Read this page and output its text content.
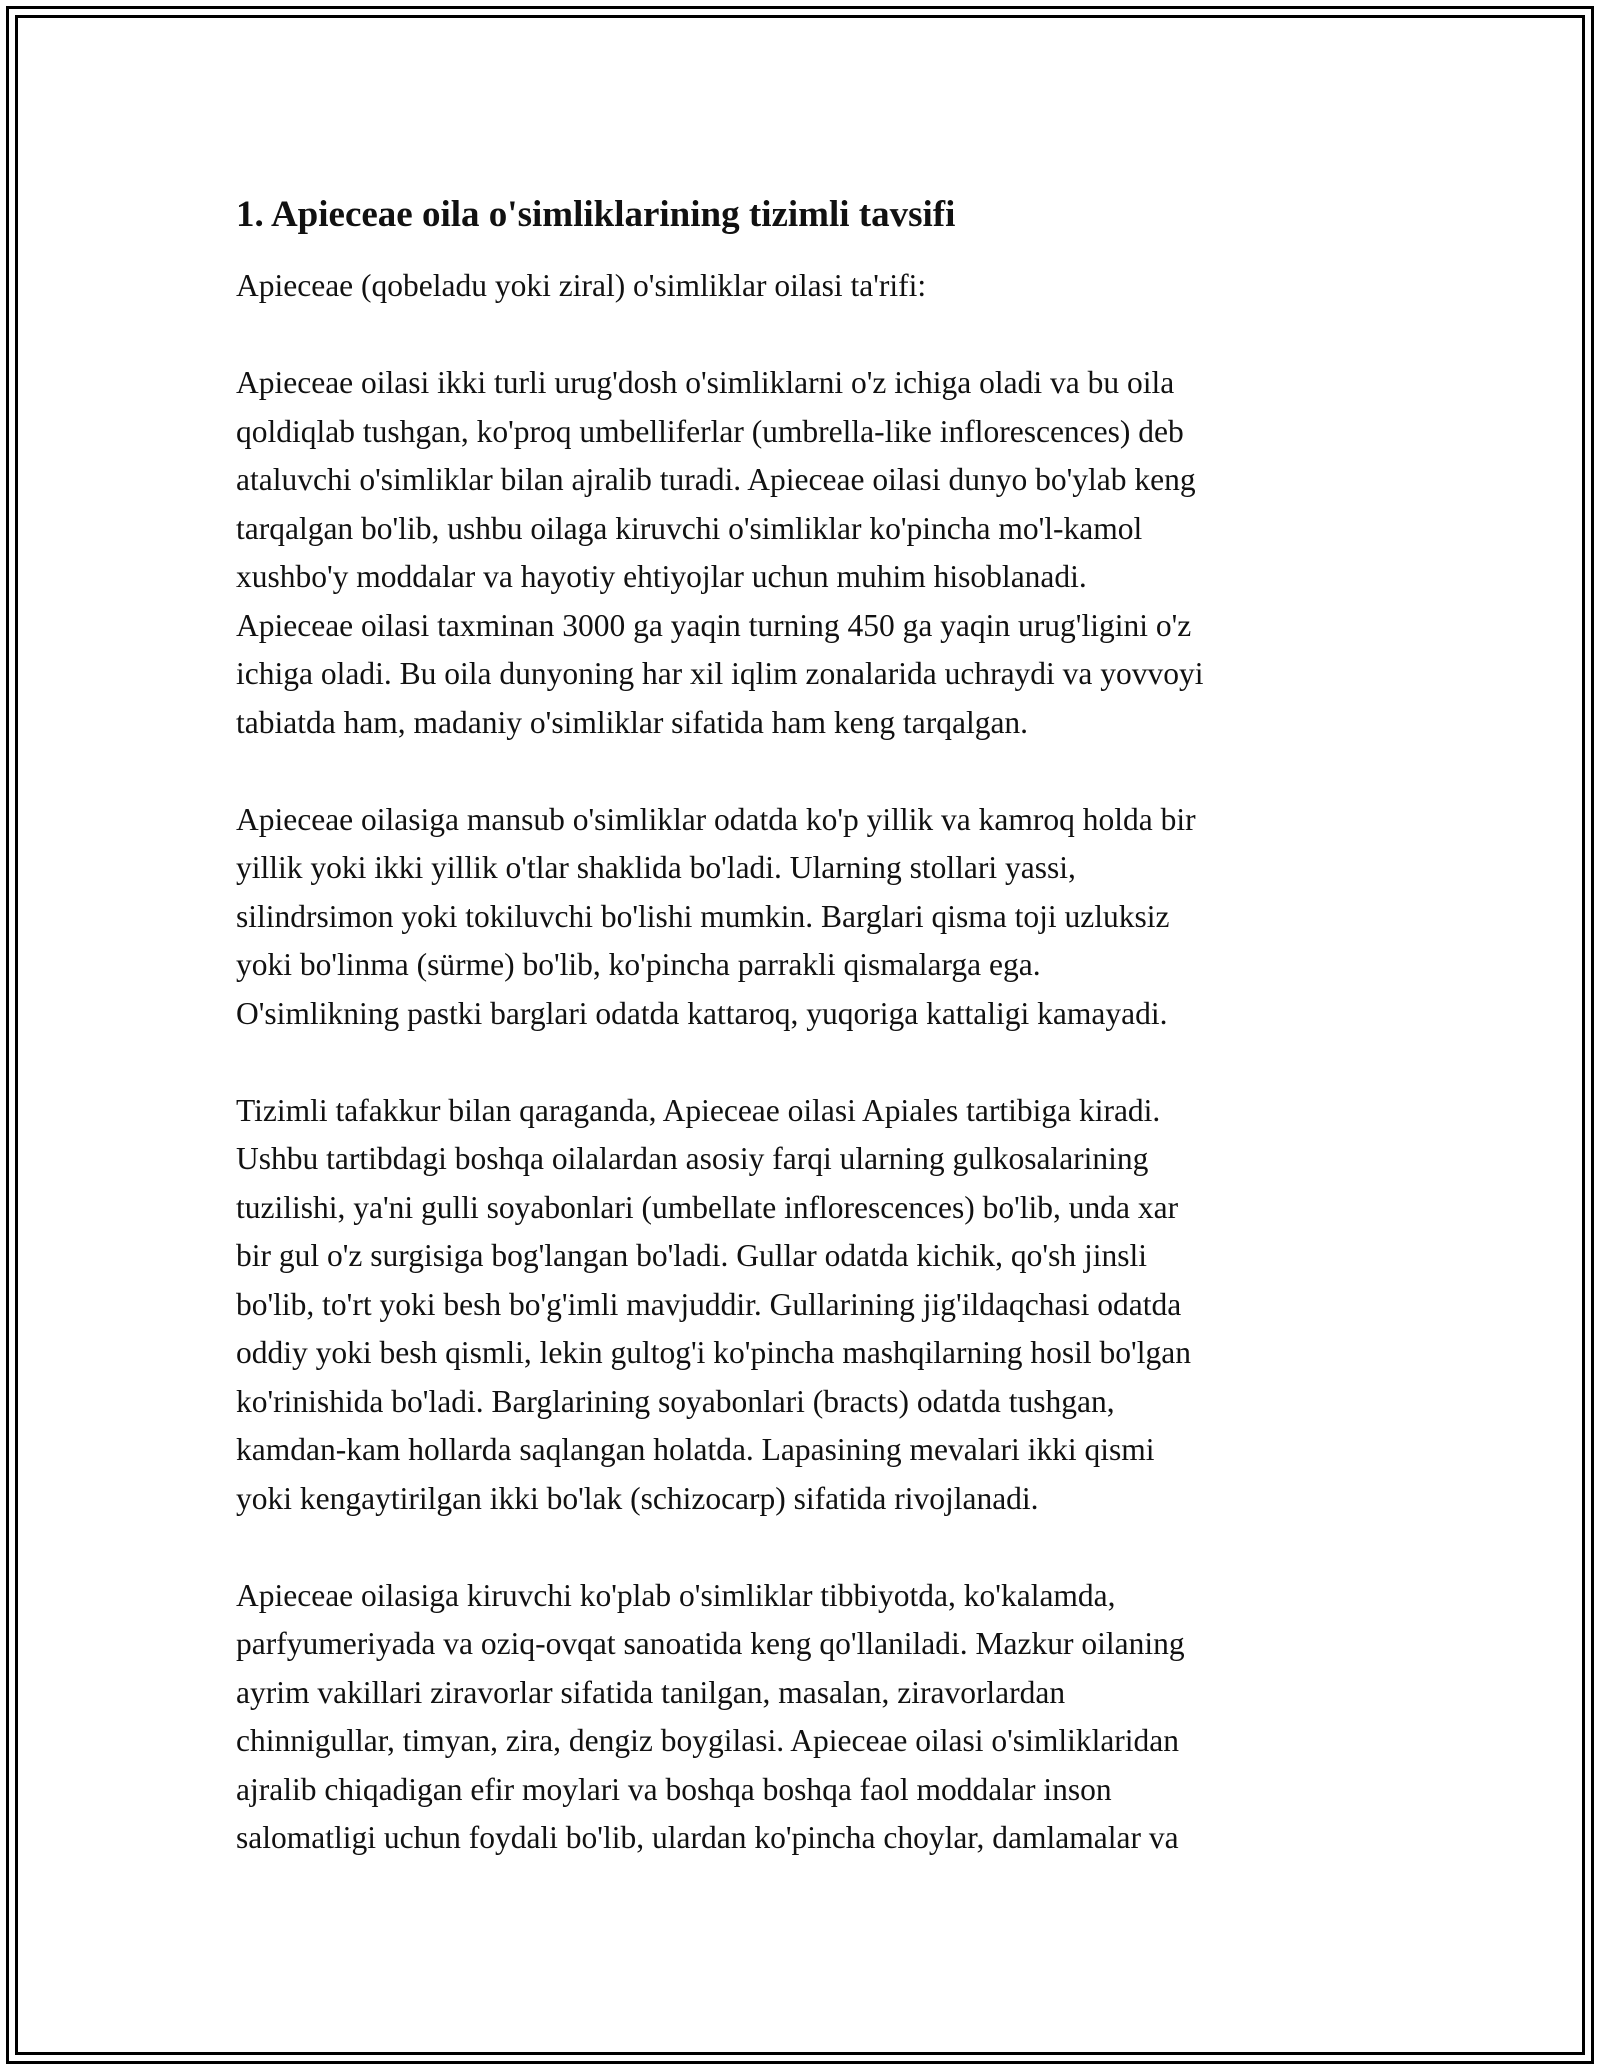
1. Apieceae oila o'simliklarining tizimli tavsifi
Apieceae (qobeladu yoki ziral) o'simliklar oilasi ta'rifi:
Apieceae oilasi ikki turli urug'dosh o'simliklarni o'z ichiga oladi va bu oila
qoldiqlab tushgan, ko'proq umbelliferlar (umbrella-like inflorescences) deb
ataluvchi o'simliklar bilan ajralib turadi. Apieceae oilasi dunyo bo'ylab keng
tarqalgan bo'lib, ushbu oilaga kiruvchi o'simliklar ko'pincha mo'l-kamol
xushbo'y moddalar va hayotiy ehtiyojlar uchun muhim hisoblanadi.
Apieceae oilasi taxminan 3000 ga yaqin turning 450 ga yaqin urug'ligini o'z
ichiga oladi. Bu oila dunyoning har xil iqlim zonalarida uchraydi va yovvoyi
tabiatda ham, madaniy o'simliklar sifatida ham keng tarqalgan.
Apieceae oilasiga mansub o'simliklar odatda ko'p yillik va kamroq holda bir
yillik yoki ikki yillik o'tlar shaklida bo'ladi. Ularning stollari yassi,
silindrsimon yoki tokiluvchi bo'lishi mumkin. Barglari qisma toji uzluksiz
yoki bo'linma (sürme) bo'lib, ko'pincha parrakli qismalarga ega.
O'simlikning pastki barglari odatda kattaroq, yuqoriga kattaligi kamayadi.
Tizimli tafakkur bilan qaraganda, Apieceae oilasi Apiales tartibiga kiradi.
Ushbu tartibdagi boshqa oilalardan asosiy farqi ularning gulkosalarining
tuzilishi, ya'ni gulli soyabonlari (umbellate inflorescences) bo'lib, unda xar
bir gul o'z surgisiga bog'langan bo'ladi. Gullar odatda kichik, qo'sh jinsli
bo'lib, to'rt yoki besh bo'g'imli mavjuddir. Gullarining jig'ildaqchasi odatda
oddiy yoki besh qismli, lekin gultog'i ko'pincha mashqilarning hosil bo'lgan
ko'rinishida bo'ladi. Barglarining soyabonlari (bracts) odatda tushgan,
kamdan-kam hollarda saqlangan holatda. Lapasining mevalari ikki qismi
yoki kengaytirilgan ikki bo'lak (schizocarp) sifatida rivojlanadi.
Apieceae oilasiga kiruvchi ko'plab o'simliklar tibbiyotda, ko'kalamda,
parfyumeriyada va oziq-ovqat sanoatida keng qo'llaniladi. Mazkur oilaning
ayrim vakillari ziravorlar sifatida tanilgan, masalan, ziravorlardan
chinnigullar, timyan, zira, dengiz boygilasi. Apieceae oilasi o'simliklaridan
ajralib chiqadigan efir moylari va boshqa boshqa faol moddalar inson
salomatligi uchun foydali bo'lib, ulardan ko'pincha choylar, damlamalar va
